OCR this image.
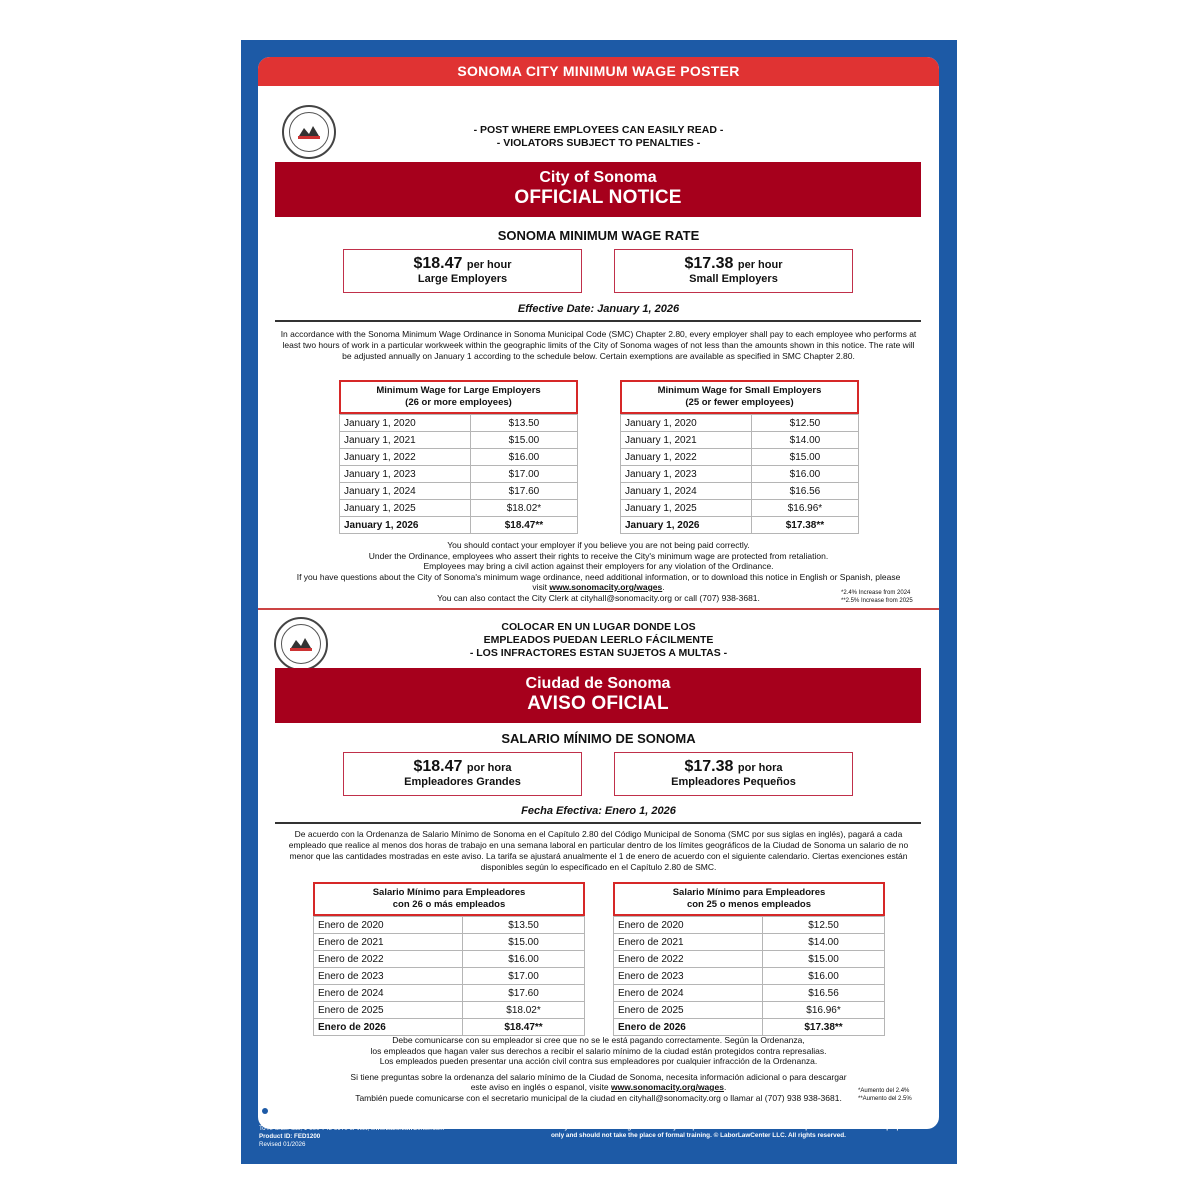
SONOMA CITY MINIMUM WAGE POSTER
- POST WHERE EMPLOYEES CAN EASILY READ -
- VIOLATORS SUBJECT TO PENALTIES -
City of Sonoma
OFFICIAL NOTICE
SONOMA MINIMUM WAGE RATE
$18.47 per hour
Large Employers
$17.38 per hour
Small Employers
Effective Date: January 1, 2026
In accordance with the Sonoma Minimum Wage Ordinance in Sonoma Municipal Code (SMC) Chapter 2.80, every employer shall pay to each employee who performs at least two hours of work in a particular workweek within the geographic limits of the City of Sonoma wages of not less than the amounts shown in this notice. The rate will be adjusted annually on January 1 according to the schedule below. Certain exemptions are available as specified in SMC Chapter 2.80.
Minimum Wage for Large Employers
(26 or more employees)
January 1, 2020	$13.50
January 1, 2021	$15.00
January 1, 2022	$16.00
January 1, 2023	$17.00
January 1, 2024	$17.60
January 1, 2025	$18.02*
January 1, 2026	$18.47**
Minimum Wage for Small Employers
(25 or fewer employees)
January 1, 2020	$12.50
January 1, 2021	$14.00
January 1, 2022	$15.00
January 1, 2023	$16.00
January 1, 2024	$16.56
January 1, 2025	$16.96*
January 1, 2026	$17.38**
You should contact your employer if you believe you are not being paid correctly.
Under the Ordinance, employees who assert their rights to receive the City's minimum wage are protected from retaliation.
Employees may bring a civil action against their employers for any violation of the Ordinance.
If you have questions about the City of Sonoma's minimum wage ordinance, need additional information, or to download this notice in English or Spanish, please
visit www.sonomacity.org/wages.
You can also contact the City Clerk at cityhall@sonomacity.org or call (707) 938-3681.	*2.4% Increase from 2024
**2.5% Increase from 2025
COLOCAR EN UN LUGAR DONDE LOS
EMPLEADOS PUEDAN LEERLO FÁCILMENTE
- LOS INFRACTORES ESTAN SUJETOS A MULTAS -
Ciudad de Sonoma
AVISO OFICIAL
SALARIO MÍNIMO DE SONOMA
$18.47 por hora
Empleadores Grandes
$17.38 por hora
Empleadores Pequeños
Fecha Efectiva: Enero 1, 2026
De acuerdo con la Ordenanza de Salario Mínimo de Sonoma en el Capítulo 2.80 del Código Municipal de Sonoma (SMC por sus siglas en inglés), pagará a cada empleado que realice al menos dos horas de trabajo en una semana laboral en particular dentro de los límites geográficos de la Ciudad de Sonoma un salario de no menor que las cantidades mostradas en este aviso. La tarifa se ajustará anualmente el 1 de enero de acuerdo con el siguiente calendario. Ciertas exenciones están disponibles según lo especificado en el Capítulo 2.80 de SMC.
Salario Mínimo para Empleadores
con 26 o más empleados
Enero de 2020	$13.50
Enero de 2021	$15.00
Enero de 2022	$16.00
Enero de 2023	$17.00
Enero de 2024	$17.60
Enero de 2025	$18.02*
Enero de 2026	$18.47**
Salario Mínimo para Empleadores
con 25 o menos empleados
Enero de 2020	$12.50
Enero de 2021	$14.00
Enero de 2022	$15.00
Enero de 2023	$16.00
Enero de 2024	$16.56
Enero de 2025	$16.96*
Enero de 2026	$17.38**
Debe comunicarse con su empleador si cree que no se le está pagando correctamente. Según la Ordenanza,
los empleados que hagan valer sus derechos a recibir el salario mínimo de la ciudad están protegidos contra represalias.
Los empleados pueden presentar una acción civil contra sus empleadores por cualquier infracción de la Ordenanza.
Si tiene preguntas sobre la ordenanza del salario mínimo de la Ciudad de Sonoma, necesita información adicional o para descargar
este aviso en inglés o espanol, visite www.sonomacity.org/wages.
También puede comunicarse con el secretario municipal de la ciudad en cityhall@sonomacity.org o llamar al (707) 938 938-3681.
*Aumento del 2.4%
**Aumento del 2.5%
LaborLawCenter
an Essential Company
To re-order call, 1-800-745-9970 or visit, www.LaborLawCenter.com
Product ID: FED1200
Revised 01/2026
LaborLawCenter LLC does NOT assume responsibility for the use, actions, or decisions made by the employer.
LaborLawCenter LLC is NOT providing any legal advice or legal opinion by selling this poster. It is highly recommended
that you consult with a legal advisor for your specific situation. The content on this poster is for informational purposes
only and should not take the place of formal training. © LaborLawCenter LLC. All rights reserved.
